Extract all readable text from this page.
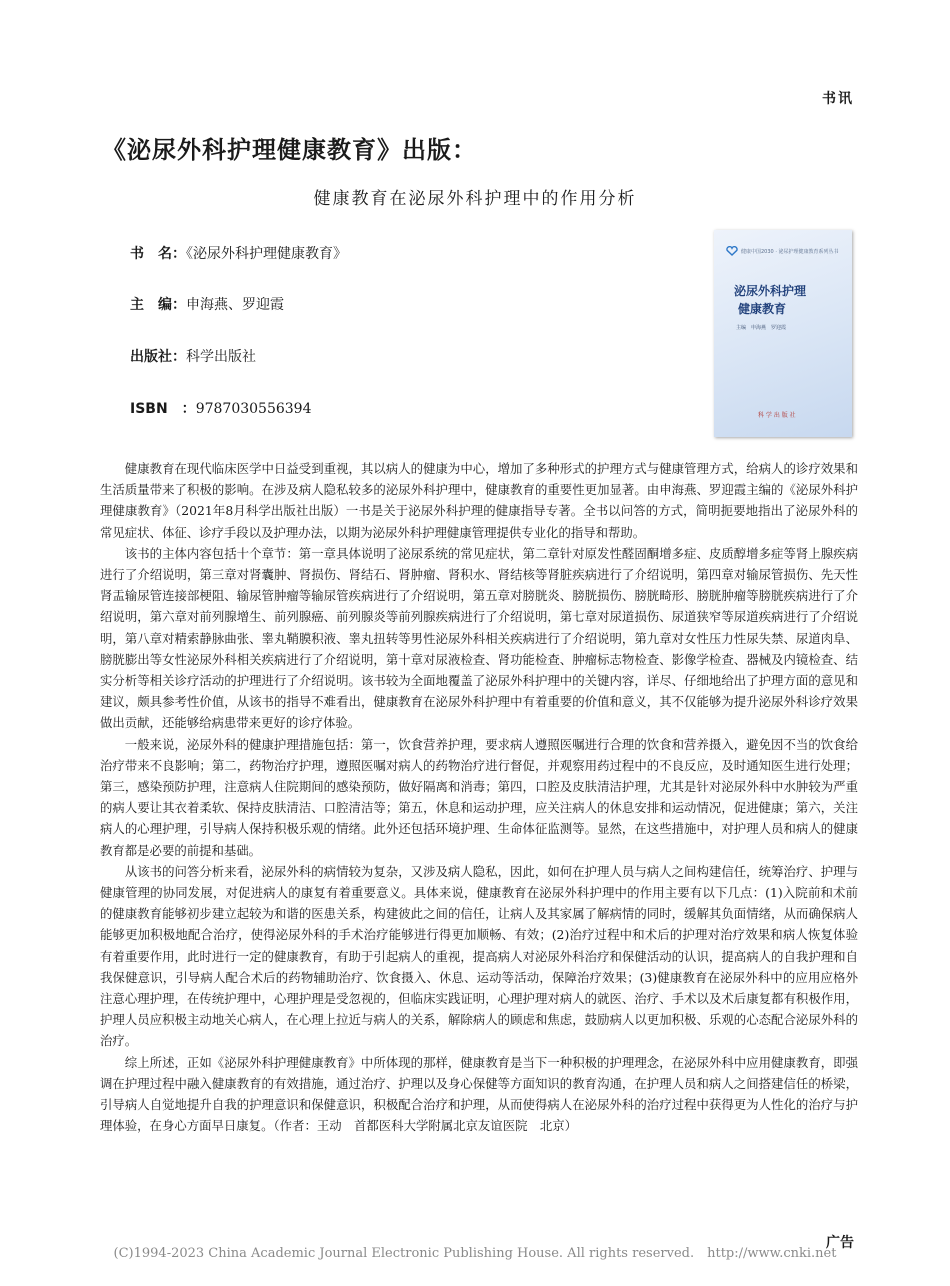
书讯
《泌尿外科护理健康教育》出版：
健康教育在泌尿外科护理中的作用分析
书　名：《泌尿外科护理健康教育》
主　编：申海燕、罗迎霞
出版社：科学出版社
ISBN　：9787030556394
健康中国2030 · 泌尿护理健康教育系列丛书
泌尿外科护理
健康教育
主编　申海燕　罗迎霞
科 学 出 版 社

健康教育在现代临床医学中日益受到重视，其以病人的健康为中心，增加了多种形式的护理方式与健康管理方式，给病人的诊疗效果和生活质量带来了积极的影响。在涉及病人隐私较多的泌尿外科护理中，健康教育的重要性更加显著。由申海燕、罗迎霞主编的《泌尿外科护理健康教育》（2021年8月科学出版社出版）一书是关于泌尿外科护理的健康指导专著。全书以问答的方式，简明扼要地指出了泌尿外科的常见症状、体征、诊疗手段以及护理办法，以期为泌尿外科护理健康管理提供专业化的指导和帮助。

该书的主体内容包括十个章节：第一章具体说明了泌尿系统的常见症状，第二章针对原发性醛固酮增多症、皮质醇增多症等肾上腺疾病进行了介绍说明，第三章对肾囊肿、肾损伤、肾结石、肾肿瘤、肾积水、肾结核等肾脏疾病进行了介绍说明，第四章对输尿管损伤、先天性肾盂输尿管连接部梗阻、输尿管肿瘤等输尿管疾病进行了介绍说明，第五章对膀胱炎、膀胱损伤、膀胱畸形、膀胱肿瘤等膀胱疾病进行了介绍说明，第六章对前列腺增生、前列腺癌、前列腺炎等前列腺疾病进行了介绍说明，第七章对尿道损伤、尿道狭窄等尿道疾病进行了介绍说明，第八章对精索静脉曲张、睾丸鞘膜积液、睾丸扭转等男性泌尿外科相关疾病进行了介绍说明，第九章对女性压力性尿失禁、尿道肉阜、膀胱膨出等女性泌尿外科相关疾病进行了介绍说明，第十章对尿液检查、肾功能检查、肿瘤标志物检查、影像学检查、器械及内镜检查、结实分析等相关诊疗活动的护理进行了介绍说明。该书较为全面地覆盖了泌尿外科护理中的关键内容，详尽、仔细地给出了护理方面的意见和建议，颇具参考性价值，从该书的指导不难看出，健康教育在泌尿外科护理中有着重要的价值和意义，其不仅能够为提升泌尿外科诊疗效果做出贡献，还能够给病患带来更好的诊疗体验。

一般来说，泌尿外科的健康护理措施包括：第一，饮食营养护理，要求病人遵照医嘱进行合理的饮食和营养摄入，避免因不当的饮食给治疗带来不良影响；第二，药物治疗护理，遵照医嘱对病人的药物治疗进行督促，并观察用药过程中的不良反应，及时通知医生进行处理；第三，感染预防护理，注意病人住院期间的感染预防，做好隔离和消毒；第四，口腔及皮肤清洁护理，尤其是针对泌尿外科中水肿较为严重的病人要让其衣着柔软、保持皮肤清洁、口腔清洁等；第五，休息和运动护理，应关注病人的休息安排和运动情况，促进健康；第六，关注病人的心理护理，引导病人保持积极乐观的情绪。此外还包括环境护理、生命体征监测等。显然，在这些措施中，对护理人员和病人的健康教育都是必要的前提和基础。

从该书的问答分析来看，泌尿外科的病情较为复杂，又涉及病人隐私，因此，如何在护理人员与病人之间构建信任，统筹治疗、护理与健康管理的协同发展，对促进病人的康复有着重要意义。具体来说，健康教育在泌尿外科护理中的作用主要有以下几点：(1)入院前和术前的健康教育能够初步建立起较为和谐的医患关系，构建彼此之间的信任，让病人及其家属了解病情的同时，缓解其负面情绪，从而确保病人能够更加积极地配合治疗，使得泌尿外科的手术治疗能够进行得更加顺畅、有效；(2)治疗过程中和术后的护理对治疗效果和病人恢复体验有着重要作用，此时进行一定的健康教育，有助于引起病人的重视，提高病人对泌尿外科治疗和保健活动的认识，提高病人的自我护理和自我保健意识，引导病人配合术后的药物辅助治疗、饮食摄入、休息、运动等活动，保障治疗效果；(3)健康教育在泌尿外科中的应用应格外注意心理护理，在传统护理中，心理护理是受忽视的，但临床实践证明，心理护理对病人的就医、治疗、手术以及术后康复都有积极作用，护理人员应积极主动地关心病人，在心理上拉近与病人的关系，解除病人的顾虑和焦虑，鼓励病人以更加积极、乐观的心态配合泌尿外科的治疗。

综上所述，正如《泌尿外科护理健康教育》中所体现的那样，健康教育是当下一种积极的护理理念，在泌尿外科中应用健康教育，即强调在护理过程中融入健康教育的有效措施，通过治疗、护理以及身心保健等方面知识的教育沟通，在护理人员和病人之间搭建信任的桥梁，引导病人自觉地提升自我的护理意识和保健意识，积极配合治疗和护理，从而使得病人在泌尿外科的治疗过程中获得更为人性化的治疗与护理体验，在身心方面早日康复。（作者：王动　首都医科大学附属北京友谊医院　北京）

(C)1994-2023 China Academic Journal Electronic Publishing House. All rights reserved.　http://www.cnki.net
广告
